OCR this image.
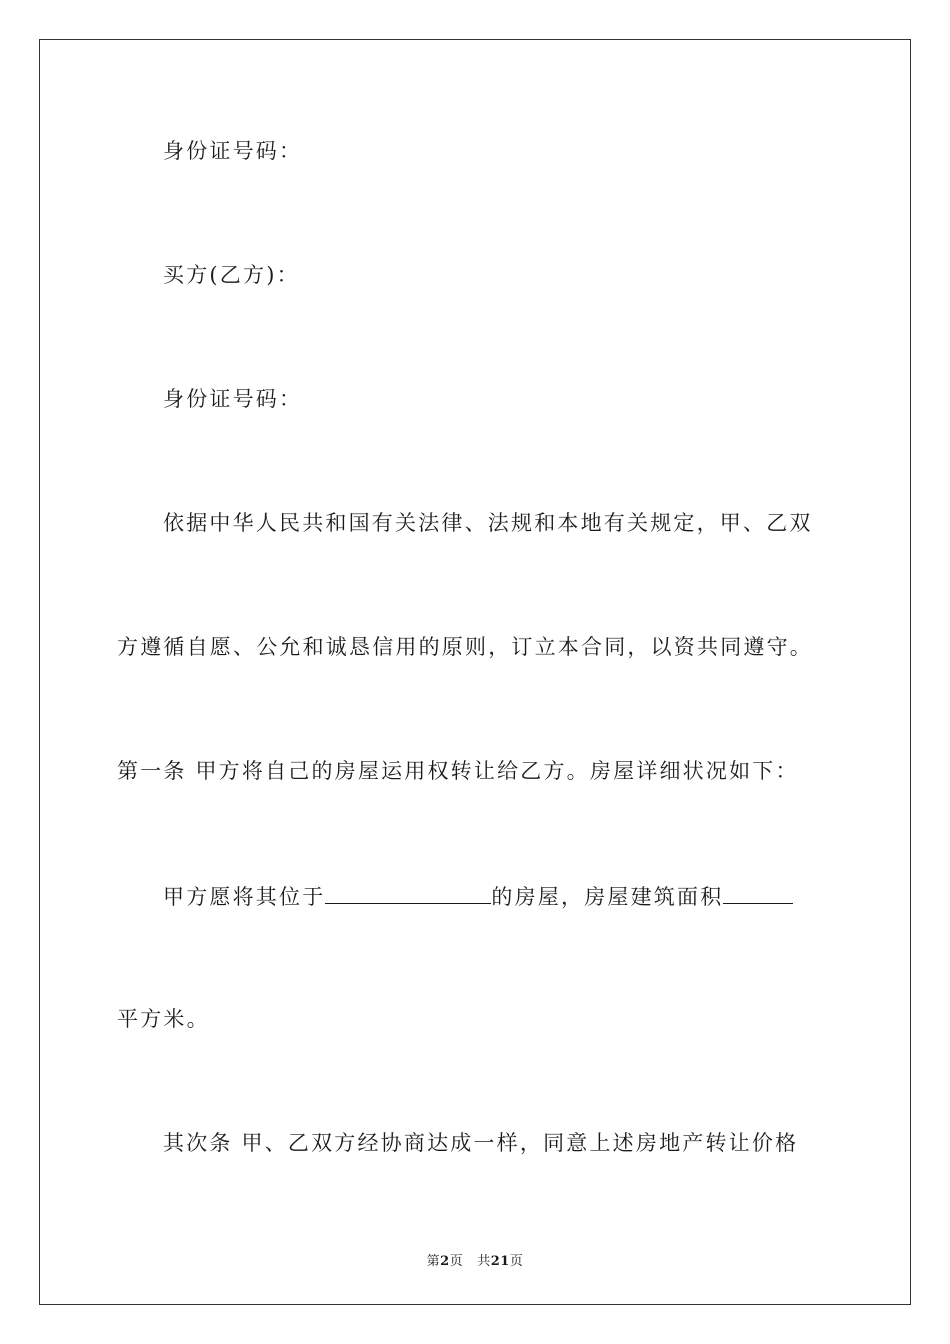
身份证号码：
买方(乙方)：
身份证号码：
依据中华人民共和国有关法律、法规和本地有关规定，甲、乙双
方遵循自愿、公允和诚恳信用的原则，订立本合同，以资共同遵守。
第一条 甲方将自己的房屋运用权转让给乙方。房屋详细状况如下：
甲方愿将其位于	的房屋，房屋建筑面积
平方米。
其次条 甲、乙双方经协商达成一样，同意上述房地产转让价格
第2页 共21页
